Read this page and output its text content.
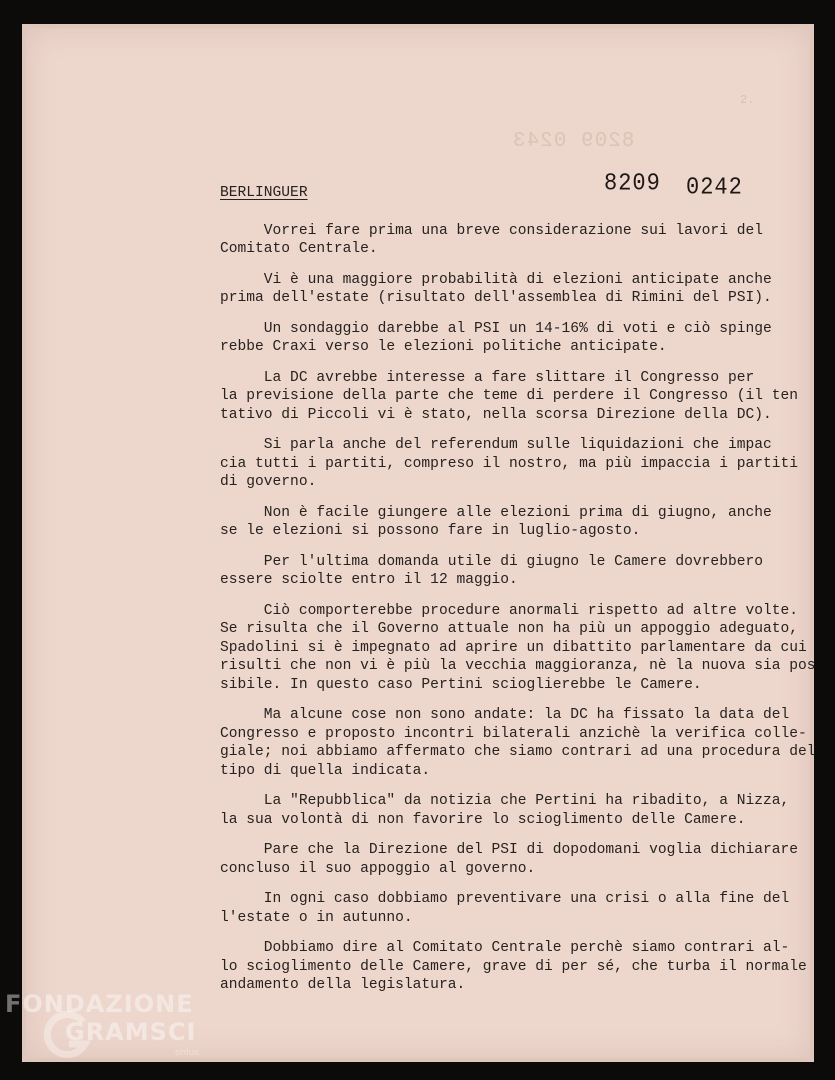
8209 0243
2.

8209 0242
BERLINGUER
Vorrei fare prima una breve considerazione sui lavori del
Comitato Centrale.
Vi è una maggiore probabilità di elezioni anticipate anche
prima dell'estate (risultato dell'assemblea di Rimini del PSI).
Un sondaggio darebbe al PSI un 14-16% di voti e ciò spinge
rebbe Craxi verso le elezioni politiche anticipate.
La DC avrebbe interesse a fare slittare il Congresso per
la previsione della parte che teme di perdere il Congresso (il ten
tativo di Piccoli vi è stato, nella scorsa Direzione della DC).
Si parla anche del referendum sulle liquidazioni che impac
cia tutti i partiti, compreso il nostro, ma più impaccia i partiti
di governo.
Non è facile giungere alle elezioni prima di giugno, anche
se le elezioni si possono fare in luglio-agosto.
Per l'ultima domanda utile di giugno le Camere dovrebbero
essere sciolte entro il 12 maggio.
Ciò comporterebbe procedure anormali rispetto ad altre volte.
Se risulta che il Governo attuale non ha più un appoggio adeguato,
Spadolini si è impegnato ad aprire un dibattito parlamentare da cui
risulti che non vi è più la vecchia maggioranza, nè la nuova sia pos
sibile. In questo caso Pertini scioglierebbe le Camere.
Ma alcune cose non sono andate: la DC ha fissato la data del
Congresso e proposto incontri bilaterali anzichè la verifica colle-
giale; noi abbiamo affermato che siamo contrari ad una procedura del
tipo di quella indicata.
La "Repubblica" da notizia che Pertini ha ribadito, a Nizza,
la sua volontà di non favorire lo scioglimento delle Camere.
Pare che la Direzione del PSI di dopodomani voglia dichiarare
concluso il suo appoggio al governo.
In ogni caso dobbiamo preventivare una crisi o alla fine del
l'estate o in autunno.
Dobbiamo dire al Comitato Centrale perchè siamo contrari al-
lo scioglimento delle Camere, grave di per sé, che turba il normale
andamento della legislatura.
FONDAZIONE
GRAMSCI
onlus
